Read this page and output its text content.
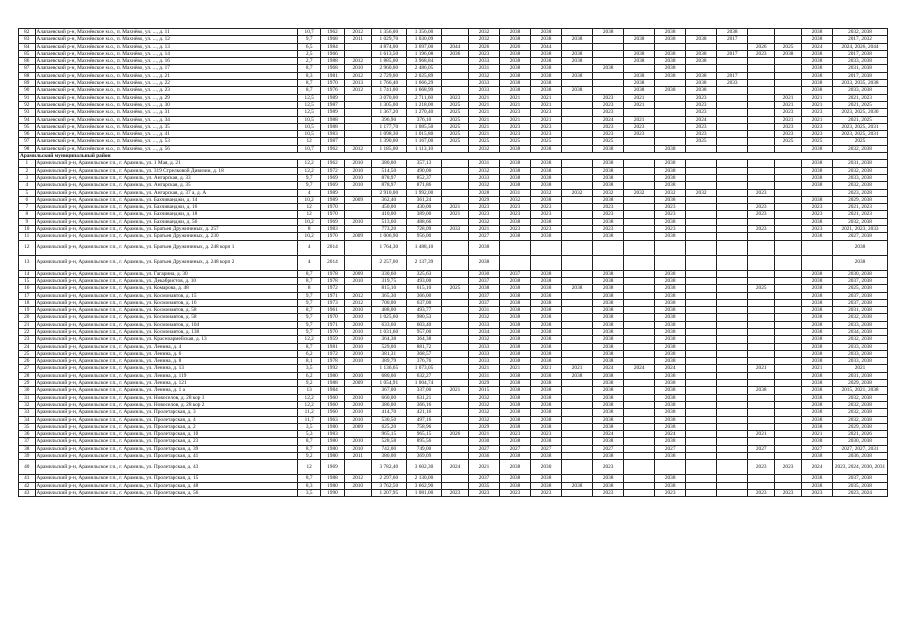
82	Алапаевский р-н, Махнёвское м.о., п. Махнёво, ул. ..., д. 11	10,7	1962	2012	1 356,00	1 356,00		2032	2038	2038		2038		2038		2038			2038	2032, 2038
83	Алапаевский р-н, Махнёвское м.о., п. Махнёво, ул. ..., д. 12	9,7	1968	2011	1 029,70	1 030,09		2032	2038	2038	2038		2038	2038	2038	2017			2038	2017, 2032
84	Алапаевский р-н, Махнёвское м.о., п. Махнёво, ул. ..., д. 13	6,5	1984		4 874,00	3 697,00	2044	2026	2026	2044							2026	2025	2024	2024, 2026, 2044
85	Алапаевский р-н, Махнёвское м.о., п. Махнёво, ул. ..., д. 14	2,5	1966		1 613,50	1 196,08	2036	2023	2038	2038	2038		2038	2038	2038	2017	2023	2038	2038	2017, 2038
86	Алапаевский р-н, Махнёвское м.о., п. Махнёво, ул. ..., д. 16	2,7	1988	2012	1 885,00	3 968,84		2033	2038	2038	2038		2038	2038	2038				2038	2033, 2038
87	Алапаевский р-н, Махнёвское м.о., п. Махнёво, ул. ..., д. 17	8,7	1968	2010	2 960,00	2 486,05		2031	2038	2038		2038		2038					2038	2031, 2038
88	Алапаевский р-н, Махнёвское м.о., п. Махнёво, ул. ..., д. 21	8,3	1981	2012	2 729,00	2 025,89		2032	2038	2038	2038		2038	2038	2038	2017			2038	2017, 2038
89	Алапаевский р-н, Махнёвское м.о., п. Махнёво, ул. ..., д. 22	8,7	1970	2013	1 766,40	1 666,29		2033	2038	2038			2038		2038	2033			2038	2033, 2035, 2038
90	Алапаевский р-н, Махнёвское м.о., п. Махнёво, ул. ..., д. 23	8,7	1976	2012	1 741,00	1 668,99		2033	2038	2038	2038		2038	2038	2038				2038	2033, 2038
91	Алапаевский р-н, Махнёвское м.о., п. Махнёво, ул. ..., д. 29	12,5	1989		3 070,00	2 711,60	2023	2021	2021	2021		2023	2021		2023			2021	2021	2021, 2023
92	Алапаевский р-н, Махнёвское м.о., п. Махнёво, ул. ..., д. 30	12,5	1987		1 305,00	1 218,00	2025	2021	2021	2021		2023	2021		2023			2021	2021	2021, 2025
93	Алапаевский р-н, Махнёвское м.о., п. Махнёво, ул. ..., д. 31	12,5	1989		1 367,20	1 270,40	2025	2021	2023	2023		2023			2023			2023	2023	2023, 2025, 2030
94	Алапаевский р-н, Махнёвское м.о., п. Махнёво, ул. ..., д. 34	10,5	1988		396,90	376,10	2025	2021	2021	2021		2024	2021		2024			2021	2021	2021, 2025
95	Алапаевский р-н, Махнёвское м.о., п. Махнёво, ул. ..., д. 35	10,5	1988		1 177,70	1 085,50	2025	2021	2023	2023		2023	2023		2023			2023	2023	2023, 2025, 2031
96	Алапаевский р-н, Махнёвское м.о., п. Махнёво, ул. ..., д. 41	10,5	1983		1 098,30	1 015,80	2025	2021	2023	2023		2023	2023		2023			2023	2023	2023, 2025, 2031
97	Алапаевский р-н, Махнёвское м.о., п. Махнёво, ул. ..., д. 53	12	1987		1 390,00	1 167,00	2025	2025	2025	2025		2025			2025			2025	2025	2025
98	Алапаевский р-н, Махнёвское м.о., п. Махнёво, ул. ..., д. 56	10,7	1962	2012	1 185,00	1 113,10		2032	2038	2038		2038		2038					2038	2032, 2038
Арамильский муниципальный район																				
1	Арамильский р-н, Арамильское г.п., г. Арамиль, ул. 1 Мая, д. 21	12,2	1962	2010	380,00	357,13		2031	2038	2038		2038		2038					2038	2031, 2038
2	Арамильский р-н, Арамильское г.п., г. Арамиль, ул. 319 Стрелковой Дивизии, д. 18	12,2	1972	2010	514,50	490,00		2032	2038	2038		2038		2038					2038	2032, 2038
3	Арамильский р-н, Арамильское г.п., г. Арамиль, ул. Ангарская, д. 33	9,7	1969	2010	878,97	852,37		2033	2038	2038		2038		2038					2038	2033, 2038
4	Арамильский р-н, Арамильское г.п., г. Арамиль, ул. Ангарская, д. 35	9,7	1969	2010	878,97	871,86		2032	2038	2038		2038		2038					2038	2032, 2038
5	Арамильский р-н, Арамильское г.п., г. Арамиль, ул. Ангарская, д. 37 а, д. А	4	1989		2 910,00	1 992,00		2028	2031	2032	2032	2032	2032	2032	2032		2023			2023, 2028
6	Арамильский р-н, Арамильское г.п., г. Арамиль, ул. Бахчиванджи, д. 14	10,2	1989	2009	362,40	361,24		2029	2032	2038		2038		2038					2038	2029, 2038
7	Арамильский р-н, Арамильское г.п., г. Арамиль, ул. Бахчиванджи, д. 16	12	1970		450,00	430,00	2021	2023	2023	2023		2023		2023			2023		2023	2021, 2023
8	Арамильский р-н, Арамильское г.п., г. Арамиль, ул. Бахчиванджи, д. 18	12	1970		410,00	389,00	2021	2023	2023	2023		2023		2023			2023		2023	2021, 2023
9	Арамильский р-н, Арамильское г.п., г. Арамиль, ул. Бахчиванджи, д. 56	10,2	1969	2010	513,60	488,66		2032	2038	2038		2038		2038					2038	2032, 2038
10	Арамильский р-н, Арамильское г.п., г. Арамиль, ул. Братьев Дружининых, д. 257	8	1983		773,20	728,09	2033	2021	2023	2023		2023		2023			2023		2023	2021, 2023, 2033
11	Арамильский р-н, Арамильское г.п., г. Арамиль, ул. Братьев Дружининых, д. 230	10,2	1970	2009	1 006,90	956,00		2027	2038	2038		2038		2038					2038	2027, 2038
12	Арамильский р-н, Арамильское г.п., г. Арамиль, ул. Братьев Дружининых, д. 248 корп 1	4	2014		1 764,30	1 488,10		2038												2038
13	Арамильский р-н, Арамильское г.п., г. Арамиль, ул. Братьев Дружининых, д. 248 корп 2	4	2014		2 257,00	2 137,39		2038												2038
14	Арамильский р-н, Арамильское г.п., г. Арамиль, ул. Гагарина, д. 30	8,7	1978	2009	330,60	325,63		2030	2037	2038		2038		2038					2038	2030, 2038
15	Арамильский р-н, Арамильское г.п., г. Арамиль, ул. Декабристов, д. 10	8,7	1978	2010	319,75	493,00		2037	2038	2038		2038		2038					2038	2037, 2038
16	Арамильский р-н, Арамильское г.п., г. Арамиль, ул. Комарова, д. 48	8	1972		815,10	615,10	2025	2038	2038	2038	2038	2038		2038			2025		2038	2025, 2038
17	Арамильский р-н, Арамильское г.п., г. Арамиль, ул. Космонавтов, д. 15	9,7	1971	2012	365,30	366,00		2037	2038	2038		2038		2038					2038	2037, 2038
18	Арамильский р-н, Арамильское г.п., г. Арамиль, ул. Космонавтов, д. 16	9,7	1973	2012	700,00	637,00		2037	2038	2038		2038		2038					2038	2037, 2038
19	Арамильский р-н, Арамильское г.п., г. Арамиль, ул. Космонавтов, д. 58	8,7	1961	2010	488,00	493,77		2031	2038	2038		2038		2038					2038	2031, 2038
20	Арамильский р-н, Арамильское г.п., г. Арамиль, ул. Космонавтов, д. 58	9,7	1970	2010	1 025,60	980,53		2032	2038	2038		2038		2038					2038	2032, 2038
21	Арамильский р-н, Арамильское г.п., г. Арамиль, ул. Космонавтов, д. 104	9,7	1971	2010	633,60	603,40		2033	2038	2038		2038		2038					2038	2033, 2038
22	Арамильский р-н, Арамильское г.п., г. Арамиль, ул. Космонавтов, д. 138	9,7	1970	2010	1 031,60	957,00		2034	2038	2038		2038		2038					2038	2034, 2038
23	Арамильский р-н, Арамильское г.п., г. Арамиль, ул. Красноармейская, д. 13	12,2	1959	2010	364,38	364,38		2032	2038	2038		2038		2038					2038	2032, 2038
24	Арамильский р-н, Арамильское г.п., г. Арамиль, ул. Ленина, д. 4	8,7	1981	2010	529,00	881,72		2033	2038	2038		2038		2038					2038	2033, 2038
25	Арамильский р-н, Арамильское г.п., г. Арамиль, ул. Ленина, д. 6	6,2	1972	2010	381,31	368,57		2033	2038	2038		2038		2038					2038	2033, 2038
26	Арамильский р-н, Арамильское г.п., г. Арамиль, ул. Ленина, д. 8	8,1	1978	2010	389,79	376,76		2033	2038	2038		2038		2038					2038	2033, 2038
27	Арамильский р-н, Арамильское г.п., г. Арамиль, ул. Ленина, д. 13	3,5	1992		1 136,65	1 073,05		2021	2021	2021	2021	2024	2024	2024			2021		2021	2021
28	Арамильский р-н, Арамильское г.п., г. Арамиль, ул. Ленина, д. 119	6,2	1980	2010	680,00	632,27		2031	2038	2038	2038	2038		2038					2038	2031, 2038
29	Арамильский р-н, Арамильское г.п., г. Арамиль, ул. Ленина, д. 121	9,2	1988	2009	1 054,91	1 004,74		2029	2038	2038		2038		2038					2038	2029, 2038
30	Арамильский р-н, Арамильское г.п., г. Арамиль, ул. Ленина, д. 1 а	13	1984		367,00	337,00	2021	2015	2038	2038		2038		2038			2038		2038	2015, 2021, 2038
31	Арамильский р-н, Арамильское г.п., г. Арамиль, ул. Новоселов, д. 28 кор 1	12,2	1960	2010	660,00	631,21		2032	2038	2038		2038		2038					2038	2032, 2038
32	Арамильский р-н, Арамильское г.п., г. Арамиль, ул. Новоселов, д. 28 кор 2	12,2	1960	2010	380,00	366,16		2032	2038	2038		2038		2038					2038	2032, 2038
33	Арамильский р-н, Арамильское г.п., г. Арамиль, ул. Пролетарская, д. 3	11,2	1960	2010	414,70	421,16		2032	2038	2038		2038		2038					2038	2032, 2038
34	Арамильский р-н, Арамильское г.п., г. Арамиль, ул. Пролетарская, д. 4	11,7	1963	2010	530,50	497,16		2032	2038	2038		2038		2038					2038	2032, 2038
35	Арамильский р-н, Арамильское г.п., г. Арамиль, ул. Пролетарская, д. 2	3,5	1980	2009	625,20	758,96		2029	2038	2038		2038		2038					2038	2029, 2038
36	Арамильский р-н, Арамильское г.п., г. Арамиль, ул. Пролетарская, д. 10	5,3	1983		965,15	965,15	2026	2021	2023	2023		2024		2024			2021		2021	2021, 2026
37	Арамильский р-н, Арамильское г.п., г. Арамиль, ул. Пролетарская, д. 23	8,7	1980	2010	528,58	895,56		2030	2038	2038		2038		2038					2038	2030, 2038
38	Арамильский р-н, Арамильское г.п., г. Арамиль, ул. Пролетарская, д. 39	8,7	1980	2010	742,00	749,00		2027	2027	2027		2027		2027			2027		2027	2027, 2027, 2031
39	Арамильский р-н, Арамильское г.п., г. Арамиль, ул. Пролетарская, д. 41	9,2	1980	2011	380,00	369,09		2036	2038	2038		2038		2038					2038	2036, 2038
40	Арамильский р-н, Арамильское г.п., г. Арамиль, ул. Пролетарская, д. 43	12	1969		3 782,40	3 602,30	2024	2021	2038	2030		2023					2023	2023	2024	2023, 2024, 2030, 2031
41	Арамильский р-н, Арамильское г.п., г. Арамиль, ул. Пролетарская, д. 15	8,7	1988	2012	2 297,60	2 130,00		2037	2038	2038		2038		2038					2038	2037, 2038
42	Арамильский р-н, Арамильское г.п., г. Арамиль, ул. Пролетарская, д. 48	8,3	1980	2010	3 762,50	3 662,90		2035	2038	2038	2038	2038		2038					2038	2035, 2038
43	Арамильский р-н, Арамильское г.п., г. Арамиль, ул. Пролетарская, д. 56	3,5	1990		1 207,95	1 081,00	2023	2023	2023	2023		2023		2023			2023	2023	2023	2023, 2024
